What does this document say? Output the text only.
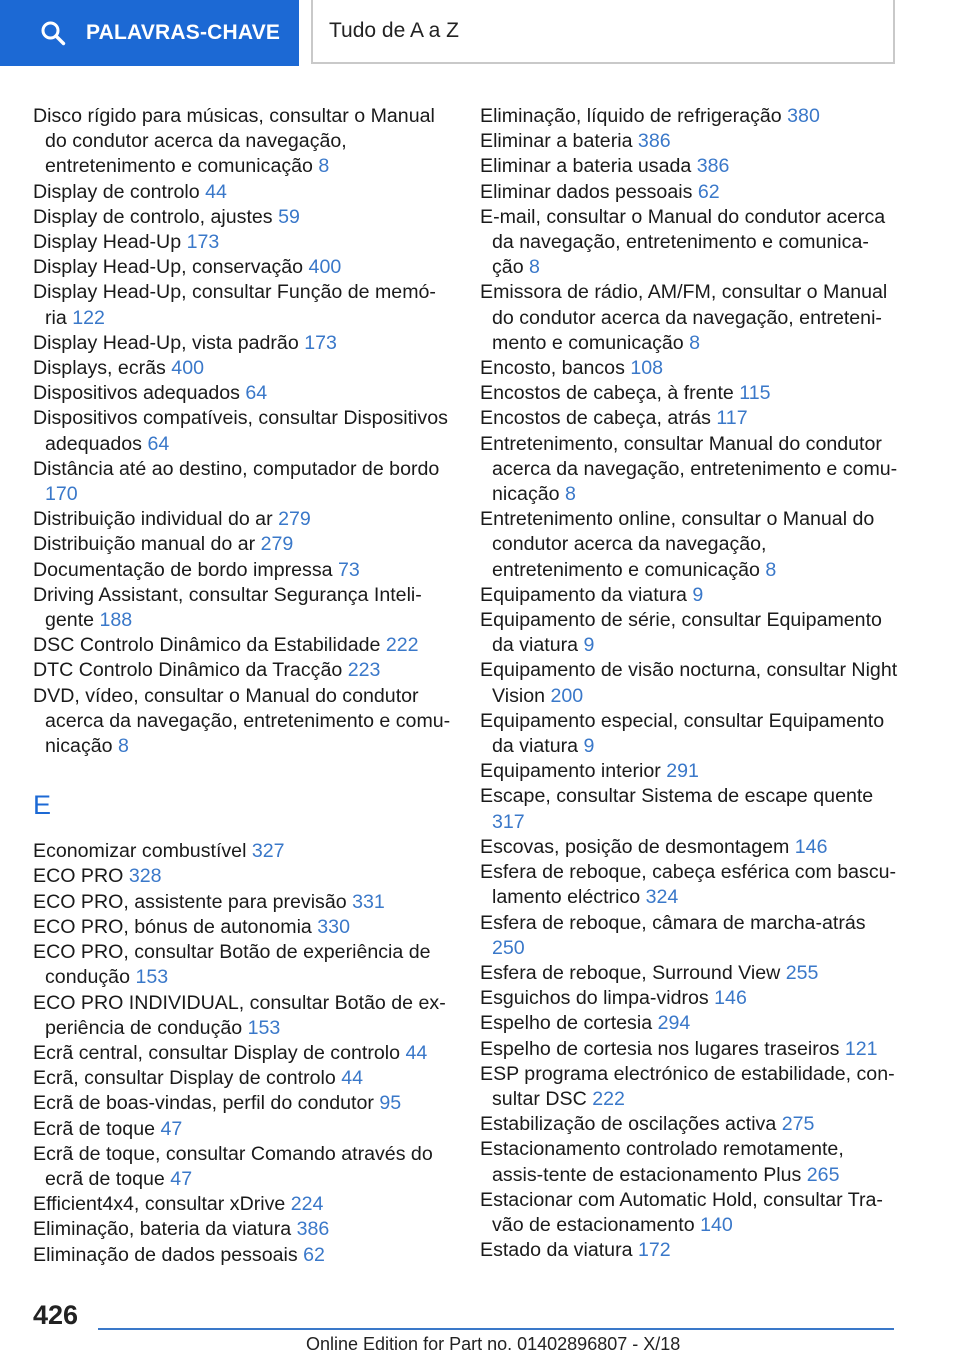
PALAVRAS-CHAVE Tudo de A a Z
Disco rígido para músicas, consultar o Manual do condutor acerca da navegação, entretenimento e comunicação 8
Display de controlo 44
Display de controlo, ajustes 59
Display Head-Up 173
Display Head-Up, conservação 400
Display Head-Up, consultar Função de memó-ria 122
Display Head-Up, vista padrão 173
Displays, ecrãs 400
Dispositivos adequados 64
Dispositivos compatíveis, consultar Dispositivos adequados 64
Distância até ao destino, computador de bordo 170
Distribuição individual do ar 279
Distribuição manual do ar 279
Documentação de bordo impressa 73
Driving Assistant, consultar Segurança Inteli-gente 188
DSC Controlo Dinâmico da Estabilidade 222
DTC Controlo Dinâmico da Tracção 223
DVD, vídeo, consultar o Manual do condutor acerca da navegação, entretenimento e comu-nicação 8
E
Economizar combustível 327
ECO PRO 328
ECO PRO, assistente para previsão 331
ECO PRO, bónus de autonomia 330
ECO PRO, consultar Botão de experiência de condução 153
ECO PRO INDIVIDUAL, consultar Botão de ex-periência de condução 153
Ecrã central, consultar Display de controlo 44
Ecrã, consultar Display de controlo 44
Ecrã de boas-vindas, perfil do condutor 95
Ecrã de toque 47
Ecrã de toque, consultar Comando através do ecrã de toque 47
Efficient4x4, consultar xDrive 224
Eliminação, bateria da viatura 386
Eliminação de dados pessoais 62
Eliminação, líquido de refrigeração 380
Eliminar a bateria 386
Eliminar a bateria usada 386
Eliminar dados pessoais 62
E-mail, consultar o Manual do condutor acerca da navegação, entretenimento e comunica-ção 8
Emissora de rádio, AM/FM, consultar o Manual do condutor acerca da navegação, entreteni-mento e comunicação 8
Encosto, bancos 108
Encostos de cabeça, à frente 115
Encostos de cabeça, atrás 117
Entretenimento, consultar Manual do condutor acerca da navegação, entretenimento e comu-nicação 8
Entretenimento online, consultar o Manual do condutor acerca da navegação, entretenimento e comunicação 8
Equipamento da viatura 9
Equipamento de série, consultar Equipamento da viatura 9
Equipamento de visão nocturna, consultar Night Vision 200
Equipamento especial, consultar Equipamento da viatura 9
Equipamento interior 291
Escape, consultar Sistema de escape quente 317
Escovas, posição de desmontagem 146
Esfera de reboque, cabeça esférica com bascu-lamento eléctrico 324
Esfera de reboque, câmara de marcha-atrás 250
Esfera de reboque, Surround View 255
Esguichos do limpa-vidros 146
Espelho de cortesia 294
Espelho de cortesia nos lugares traseiros 121
ESP programa electrónico de estabilidade, con-sultar DSC 222
Estabilização de oscilações activa 275
Estacionamento controlado remotamente, assis-tente de estacionamento Plus 265
Estacionar com Automatic Hold, consultar Tra-vão de estacionamento 140
Estado da viatura 172
426
Online Edition for Part no. 01402896807 - X/18
